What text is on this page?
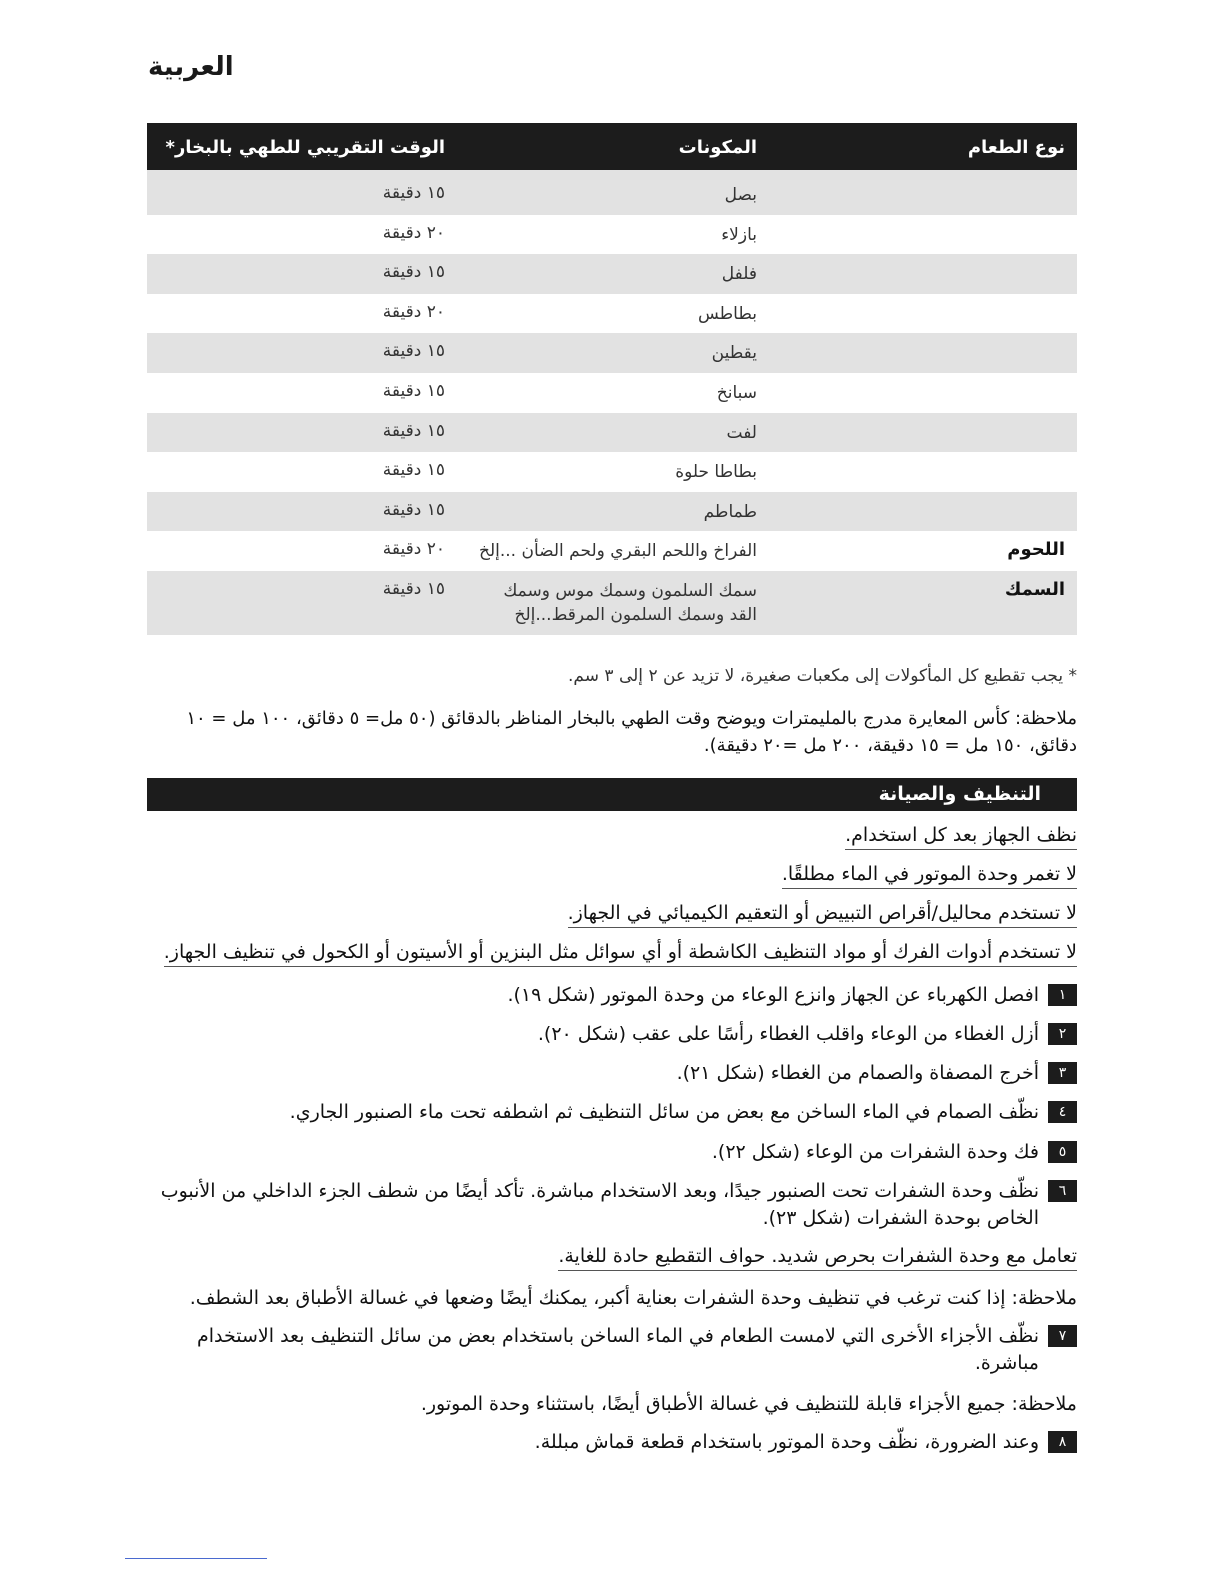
العربية
نوع الطعام
المكونات
الوقت التقريبي للطهي بالبخار*
بصل
١٥ دقيقة
بازلاء
٢٠ دقيقة
فلفل
١٥ دقيقة
بطاطس
٢٠ دقيقة
يقطين
١٥ دقيقة
سبانخ
١٥ دقيقة
لفت
١٥ دقيقة
بطاطا حلوة
١٥ دقيقة
طماطم
١٥ دقيقة
اللحوم
الفراخ واللحم البقري ولحم الضأن ...إلخ
٢٠ دقيقة
السمك
سمك السلمون وسمك موس وسمك القد وسمك السلمون المرقط...إلخ
١٥ دقيقة
* يجب تقطيع كل المأكولات إلى مكعبات صغيرة، لا تزيد عن ٢ إلى ٣ سم.
ملاحظة: كأس المعايرة مدرج بالمليمترات ويوضح وقت الطهي بالبخار المناظر بالدقائق (٥٠ مل= ٥ دقائق، ١٠٠ مل = ١٠ دقائق، ١٥٠ مل = ١٥ دقيقة، ٢٠٠ مل =٢٠ دقيقة).
التنظيف والصيانة
نظف الجهاز بعد كل استخدام.
لا تغمر وحدة الموتور في الماء مطلقًا.
لا تستخدم محاليل/أقراص التبييض أو التعقيم الكيميائي في الجهاز.
لا تستخدم أدوات الفرك أو مواد التنظيف الكاشطة أو أي سوائل مثل البنزين أو الأسيتون أو الكحول في تنظيف الجهاز.
١
افصل الكهرباء عن الجهاز وانزع الوعاء من وحدة الموتور (شكل ١٩).
٢
أزل الغطاء من الوعاء واقلب الغطاء رأسًا على عقب (شكل ٢٠).
٣
أخرج المصفاة والصمام من الغطاء (شكل ٢١).
٤
نظّف الصمام في الماء الساخن مع بعض من سائل التنظيف ثم اشطفه تحت ماء الصنبور الجاري.
٥
فك وحدة الشفرات من الوعاء (شكل ٢٢).
٦
نظّف وحدة الشفرات تحت الصنبور جيدًا، وبعد الاستخدام مباشرة. تأكد أيضًا من شطف الجزء الداخلي من الأنبوب الخاص بوحدة الشفرات (شكل ٢٣).
تعامل مع وحدة الشفرات بحرص شديد. حواف التقطيع حادة للغاية.
ملاحظة: إذا كنت ترغب في تنظيف وحدة الشفرات بعناية أكبر، يمكنك أيضًا وضعها في غسالة الأطباق بعد الشطف.
٧
نظّف الأجزاء الأخرى التي لامست الطعام في الماء الساخن باستخدام بعض من سائل التنظيف بعد الاستخدام مباشرة.
ملاحظة: جميع الأجزاء قابلة للتنظيف في غسالة الأطباق أيضًا، باستثناء وحدة الموتور.
٨
وعند الضرورة، نظّف وحدة الموتور باستخدام قطعة قماش مبللة.
